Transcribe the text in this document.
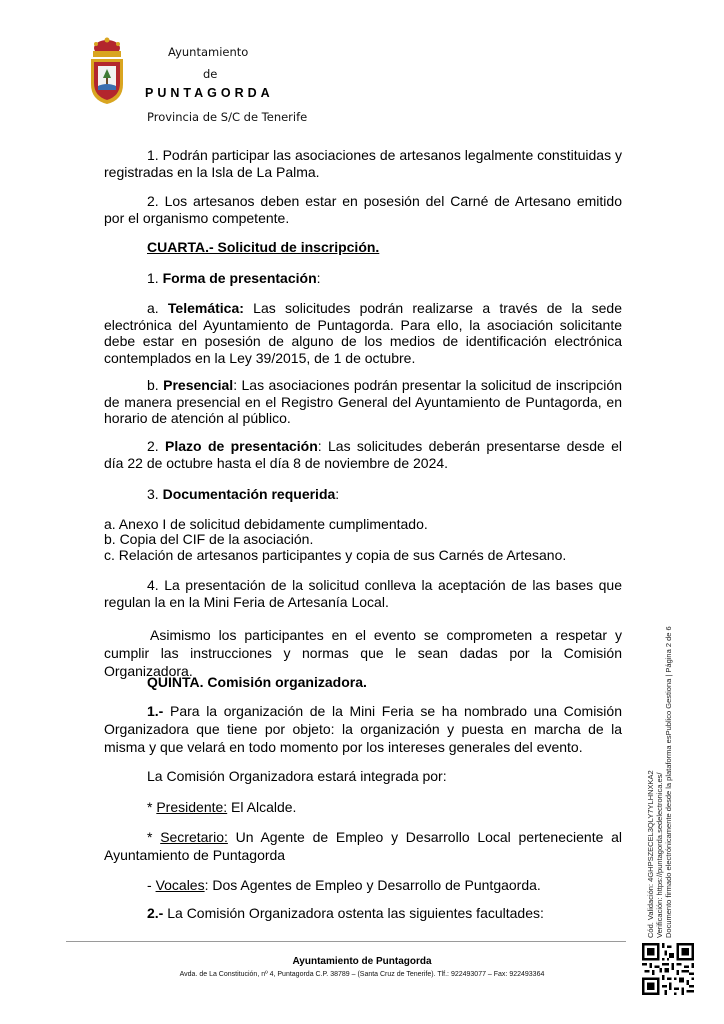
Ayuntamiento
de
PUNTAGORDA
Provincia de S/C de Tenerife

1. Podrán participar las asociaciones de artesanos legalmente constituidas y registradas en la Isla de La Palma.

2. Los artesanos deben estar en posesión del Carné de Artesano emitido por el organismo competente.

CUARTA.- Solicitud de inscripción.

1. Forma de presentación:

a. Telemática: Las solicitudes podrán realizarse a través de la sede electrónica del Ayuntamiento de Puntagorda. Para ello, la asociación solicitante debe estar en posesión de alguno de los medios de identificación electrónica contemplados en la Ley 39/2015, de 1 de octubre.

b. Presencial: Las asociaciones podrán presentar la solicitud de inscripción de manera presencial en el Registro General del Ayuntamiento de Puntagorda, en horario de atención al público.

2. Plazo de presentación: Las solicitudes deberán presentarse desde el día 22 de octubre hasta el día 8 de noviembre de 2024.

3. Documentación requerida:

a. Anexo I de solicitud debidamente cumplimentado.

b. Copia del CIF de la asociación.

c. Relación de artesanos participantes y copia de sus Carnés de Artesano.

4. La presentación de la solicitud conlleva la aceptación de las bases que regulan la en la Mini Feria de Artesanía Local.

Asimismo los participantes en el evento se comprometen a respetar y cumplir las instrucciones y normas que le sean dadas por la Comisión Organizadora.

QUINTA. Comisión organizadora.

1.- Para la organización de la Mini Feria se ha nombrado una Comisión Organizadora que tiene por objeto: la organización y puesta en marcha de la misma y que velará en todo momento por los intereses generales del evento.

La Comisión Organizadora estará integrada por:

* Presidente: El Alcalde.

* Secretario: Un Agente de Empleo y Desarrollo Local perteneciente al Ayuntamiento de Puntagorda

- Vocales: Dos Agentes de Empleo y Desarrollo de Puntgaorda.

2.- La Comisión Organizadora ostenta las siguientes facultades:	Cód. Validación: 4GHPSZECEL3QLY7YLHNXKA2 Verificación: https://puntagorda.sedelectronica.es/ Documento firmado electrónicamente desde la plataforma esPublico Gestiona | Página 2 de 6
Ayuntamiento de Puntagorda
Avda. de La Constitución, nº 4, Puntagorda C.P. 38789 – (Santa Cruz de Tenerife). Tlf.: 922493077 – Fax: 922493364
